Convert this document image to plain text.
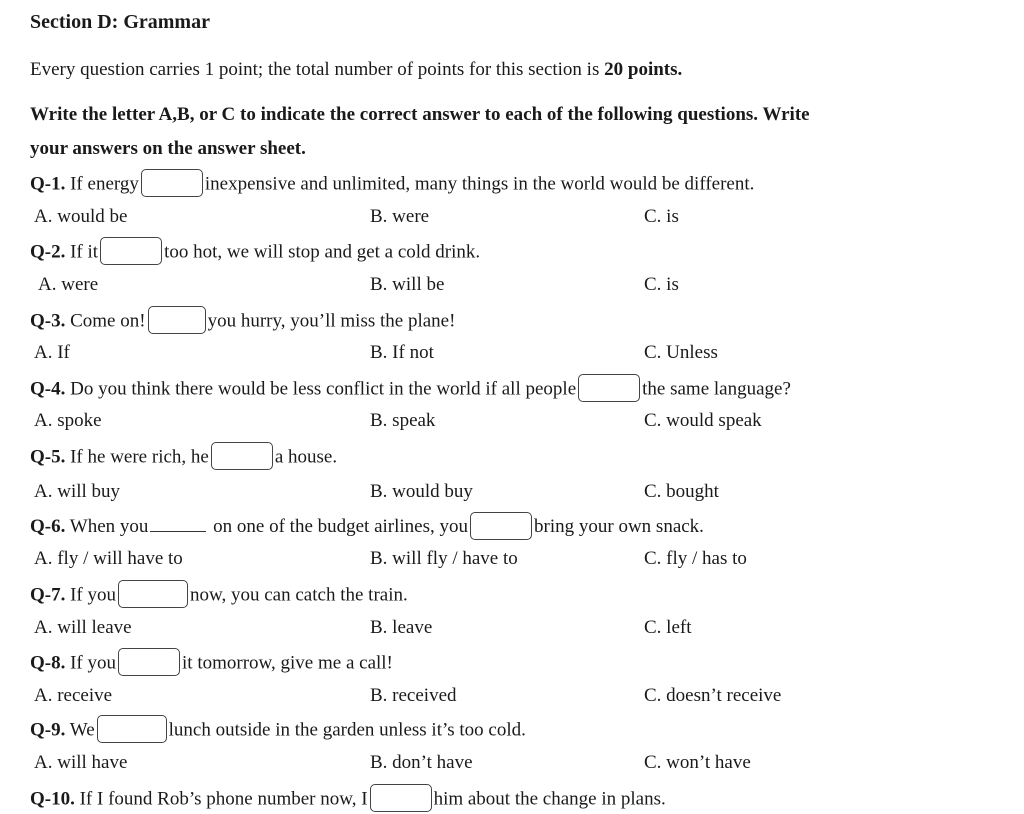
Section D: Grammar
Every question carries 1 point; the total number of points for this section is 20 points.
Write the letter A,B, or C to indicate the correct answer to each of the following questions. Write
your answers on the answer sheet.
Q-1. If energy	inexpensive and unlimited, many things in the world would be different.
A. would be	B. were	C. is
Q-2. If it	too hot, we will stop and get a cold drink.
A. were	B. will be	C. is
Q-3. Come on!	you hurry, you’ll miss the plane!
A. If	B. If not	C. Unless
Q-4. Do you think there would be less conflict in the world if all people	the same language?
A. spoke	B. speak	C. would speak
Q-5. If he were rich, he	a house.
A. will buy	B. would buy	C. bought
Q-6. When you	on one of the budget airlines, you	bring your own snack.
A. fly / will have to	B. will fly / have to	C. fly / has to
Q-7. If you	now, you can catch the train.
A. will leave	B. leave	C. left
Q-8. If you	it tomorrow, give me a call!
A. receive	B. received	C. doesn’t receive
Q-9. We	lunch outside in the garden unless it’s too cold.
A. will have	B. don’t have	C. won’t have
Q-10. If I found Rob’s phone number now, I	him about the change in plans.
